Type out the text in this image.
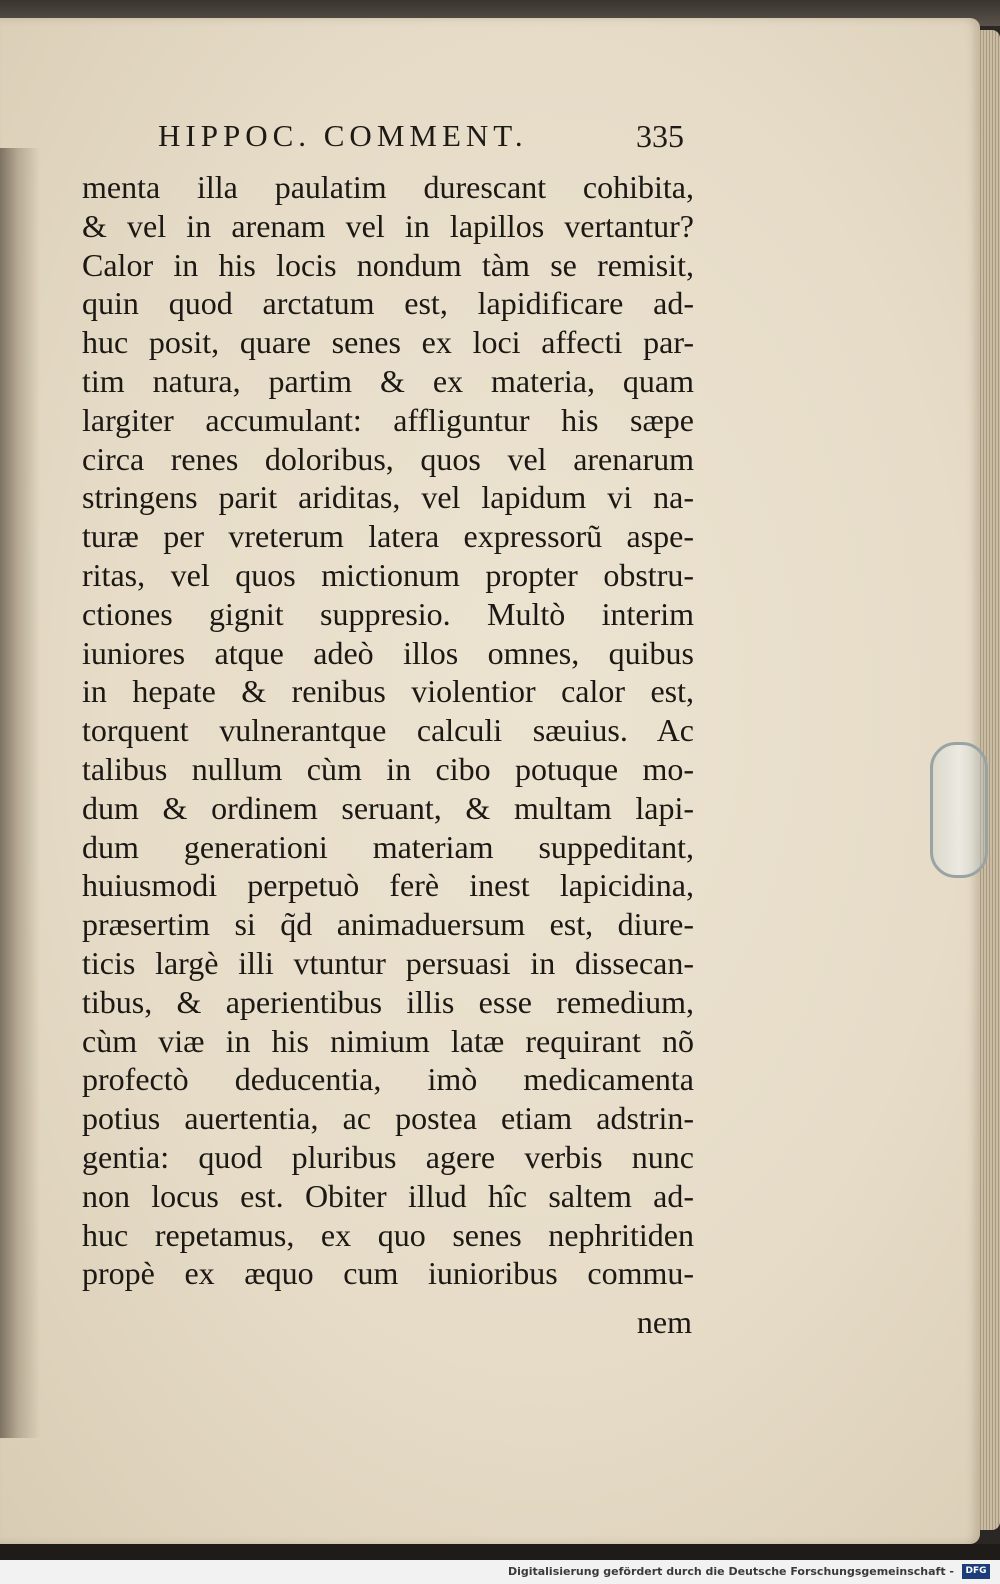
HIPPOC. COMMENT.	335
menta illa paulatim durescant cohibita,
& vel in arenam vel in lapillos vertantur?
Calor in his locis nondum tàm se remisit,
quin quod arctatum est, lapidificare ad-
huc posit, quare senes ex loci affecti par-
tim natura, partim & ex materia, quam
largiter accumulant: affliguntur his sæpe
circa renes doloribus, quos vel arenarum
stringens parit ariditas, vel lapidum vi na-
turæ per vreterum latera expressorũ aspe-
ritas, vel quos mictionum propter obstru-
ctiones gignit suppresio. Multò interim
iuniores atque adeò illos omnes, quibus
in hepate & renibus violentior calor est,
torquent vulnerantque calculi sæuius. Ac
talibus nullum cùm in cibo potuque mo-
dum & ordinem seruant, & multam lapi-
dum generationi materiam suppeditant,
huiusmodi perpetuò ferè inest lapicidina,
præsertim si q̃d animaduersum est, diure-
ticis largè illi vtuntur persuasi in dissecan-
tibus, & aperientibus illis esse remedium,
cùm viæ in his nimium latæ requirant nõ
profectò deducentia, imò medicamenta
potius auertentia, ac postea etiam adstrin-
gentia: quod pluribus agere verbis nunc
non locus est. Obiter illud hîc saltem ad-
huc repetamus, ex quo senes nephritiden
propè ex æquo cum iunioribus commu-
nem
Digitalisierung gefördert durch die Deutsche Forschungsgemeinschaft -	DFG
